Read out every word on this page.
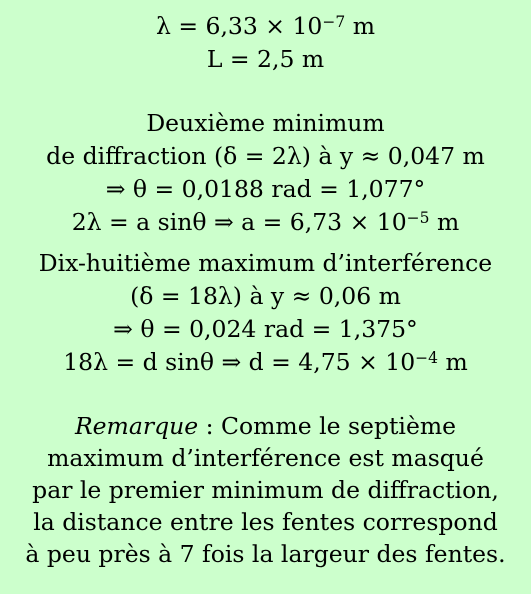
$\lambda = 6,33 \times 10^{-7}$ m
L = 2,5 m
Deuxième minimum
de diffraction (δ = 2λ) à y ≈ 0,047 m
⇒ θ = 0,0188 rad = 1,077°
2λ = a sinθ ⇒ $a = 6,73 \times 10^{-5}$ m
Dix-huitième maximum d’interférence
(δ = 18λ) à y ≈ 0,06 m
⇒ θ = 0,024 rad = 1,375°
18λ = d sinθ ⇒ $d = 4,75 \times 10^{-4}$ m
Remarque : Comme le septième
maximum d’interférence est masqué
par le premier minimum de diffraction,
la distance entre les fentes correspond
à peu près à 7 fois la largeur des fentes.
